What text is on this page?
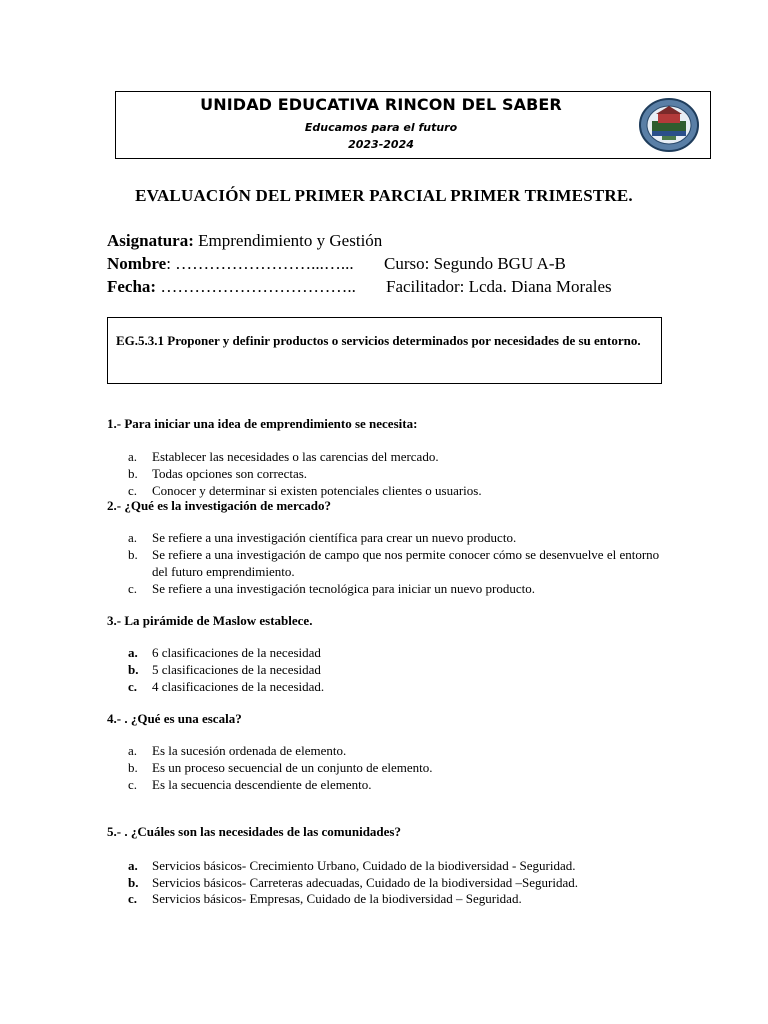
UNIDAD EDUCATIVA RINCON DEL SABER
Educamos para el futuro
2023-2024
EVALUACIÓN DEL PRIMER PARCIAL PRIMER TRIMESTRE.
Asignatura: Emprendimiento y Gestión
Nombre: ……………………...…... Curso: Segundo BGU A-B
Fecha: …………………………….. Facilitador: Lcda. Diana Morales
EG.5.3.1 Proponer y definir productos o servicios determinados por necesidades de su entorno.
1.- Para iniciar una idea de emprendimiento se necesita:
a. Establecer las necesidades o las carencias del mercado.
b. Todas opciones son correctas.
c. Conocer y determinar si existen potenciales clientes o usuarios.
2.- ¿Qué es la investigación de mercado?
a. Se refiere a una investigación científica para crear un nuevo producto.
b. Se refiere a una investigación de campo que nos permite conocer cómo se desenvuelve el entorno del futuro emprendimiento.
c. Se refiere a una investigación tecnológica para iniciar un nuevo producto.
3.- La pirámide de Maslow establece.
a. 6 clasificaciones de la necesidad
b. 5 clasificaciones de la necesidad
c. 4 clasificaciones de la necesidad.
4.- . ¿Qué es una escala?
a. Es la sucesión ordenada de elemento.
b. Es un proceso secuencial de un conjunto de elemento.
c. Es la secuencia descendiente de elemento.
5.- . ¿Cuáles son las necesidades de las comunidades?
a. Servicios básicos- Crecimiento Urbano, Cuidado de la biodiversidad - Seguridad.
b. Servicios básicos- Carreteras adecuadas, Cuidado de la biodiversidad –Seguridad.
c. Servicios básicos- Empresas, Cuidado de la biodiversidad – Seguridad.
